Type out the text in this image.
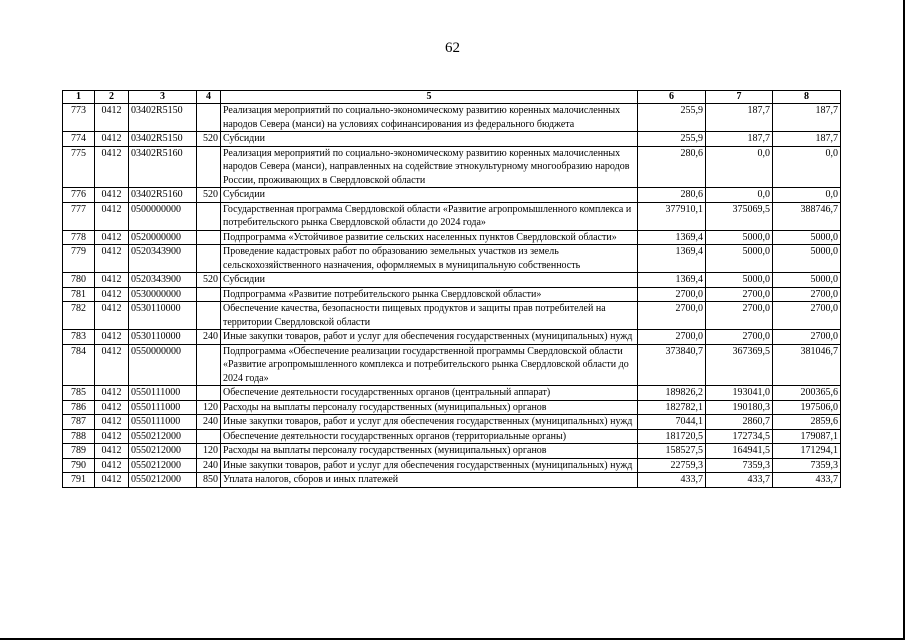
62
1	2	3	4	5	6	7	8
773	0412	03402R5150		Реализация мероприятий по социально-экономическому развитию коренных малочисленных народов Севера (манси) на условиях софинансирования из федерального бюджета	255,9	187,7	187,7
774	0412	03402R5150	520	Субсидии	255,9	187,7	187,7
775	0412	03402R5160		Реализация мероприятий по социально-экономическому развитию коренных малочисленных народов Севера (манси), направленных на содействие этнокультурному многообразию народов России, проживающих в Свердловской области	280,6	0,0	0,0
776	0412	03402R5160	520	Субсидии	280,6	0,0	0,0
777	0412	0500000000		Государственная программа Свердловской области «Развитие агропромышленного комплекса и потребительского рынка Свердловской области до 2024 года»	377910,1	375069,5	388746,7
778	0412	0520000000		Подпрограмма «Устойчивое развитие сельских населенных пунктов Свердловской области»	1369,4	5000,0	5000,0
779	0412	0520343900		Проведение кадастровых работ по образованию земельных участков из земель сельскохозяйственного назначения, оформляемых в муниципальную собственность	1369,4	5000,0	5000,0
780	0412	0520343900	520	Субсидии	1369,4	5000,0	5000,0
781	0412	0530000000		Подпрограмма «Развитие потребительского рынка Свердловской области»	2700,0	2700,0	2700,0
782	0412	0530110000		Обеспечение качества, безопасности пищевых продуктов и защиты прав потребителей на территории Свердловской области	2700,0	2700,0	2700,0
783	0412	0530110000	240	Иные закупки товаров, работ и услуг для обеспечения государственных (муниципальных) нужд	2700,0	2700,0	2700,0
784	0412	0550000000		Подпрограмма «Обеспечение реализации государственной программы Свердловской области «Развитие агропромышленного комплекса и потребительского рынка Свердловской области до 2024 года»	373840,7	367369,5	381046,7
785	0412	0550111000		Обеспечение деятельности государственных органов (центральный аппарат)	189826,2	193041,0	200365,6
786	0412	0550111000	120	Расходы на выплаты персоналу государственных (муниципальных) органов	182782,1	190180,3	197506,0
787	0412	0550111000	240	Иные закупки товаров, работ и услуг для обеспечения государственных (муниципальных) нужд	7044,1	2860,7	2859,6
788	0412	0550212000		Обеспечение деятельности государственных органов (территориальные органы)	181720,5	172734,5	179087,1
789	0412	0550212000	120	Расходы на выплаты персоналу государственных (муниципальных) органов	158527,5	164941,5	171294,1
790	0412	0550212000	240	Иные закупки товаров, работ и услуг для обеспечения государственных (муниципальных) нужд	22759,3	7359,3	7359,3
791	0412	0550212000	850	Уплата налогов, сборов и иных платежей	433,7	433,7	433,7
